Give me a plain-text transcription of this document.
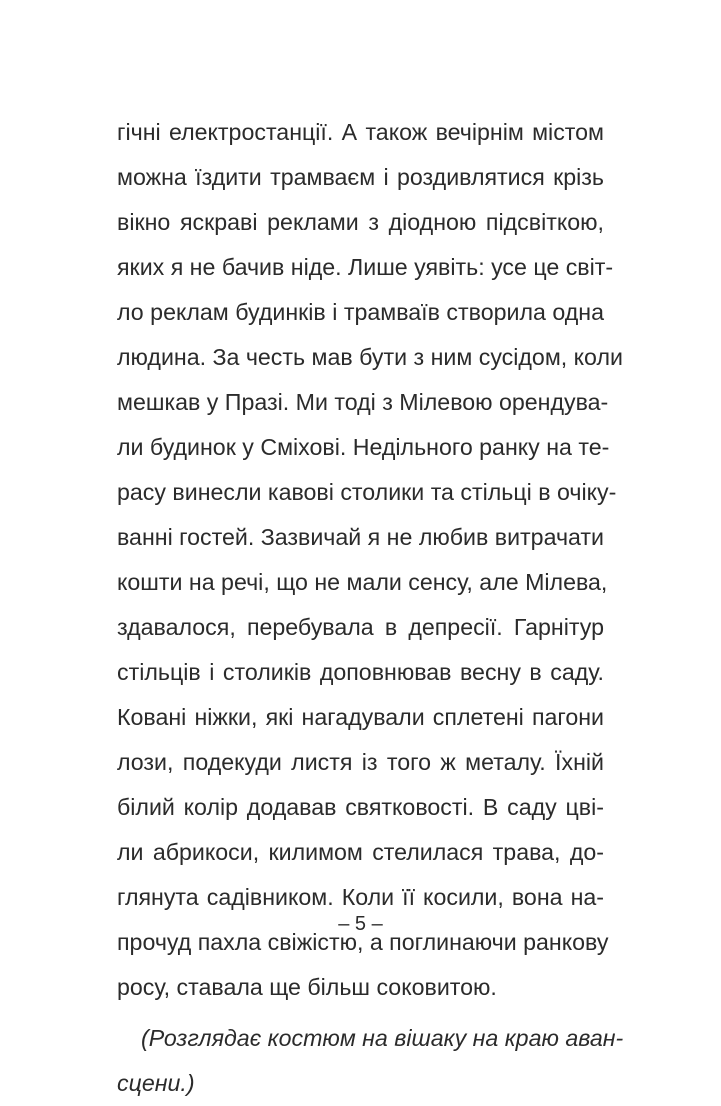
гічні електростанції. А також вечірнім містом
можна їздити трамваєм і роздивлятися крізь
вікно яскраві реклами з діодною підсвіткою,
яких я не бачив ніде. Лише уявіть: усе це світ-
ло реклам будинків і трамваїв створила одна
людина. За честь мав бути з ним сусідом, коли
мешкав у Празі. Ми тоді з Мілевою орендува-
ли будинок у Сміхові. Недільного ранку на те-
расу винесли кавові столики та стільці в очіку-
ванні гостей. Зазвичай я не любив витрачати
кошти на речі, що не мали сенсу, але Мілева,
здавалося, перебувала в депресії. Гарнітур
стільців і столиків доповнював весну в саду.
Ковані ніжки, які нагадували сплетені пагони
лози, подекуди листя із того ж металу. Їхній
білий колір додавав святковості. В саду цві-
ли абрикоси, килимом стелилася трава, до-
глянута садівником. Коли її косили, вона на-
прочуд пахла свіжістю, а поглинаючи ранкову
росу, ставала ще більш соковитою.
(Розглядає костюм на вішаку на краю аван-
сцени.)
– 5 –
